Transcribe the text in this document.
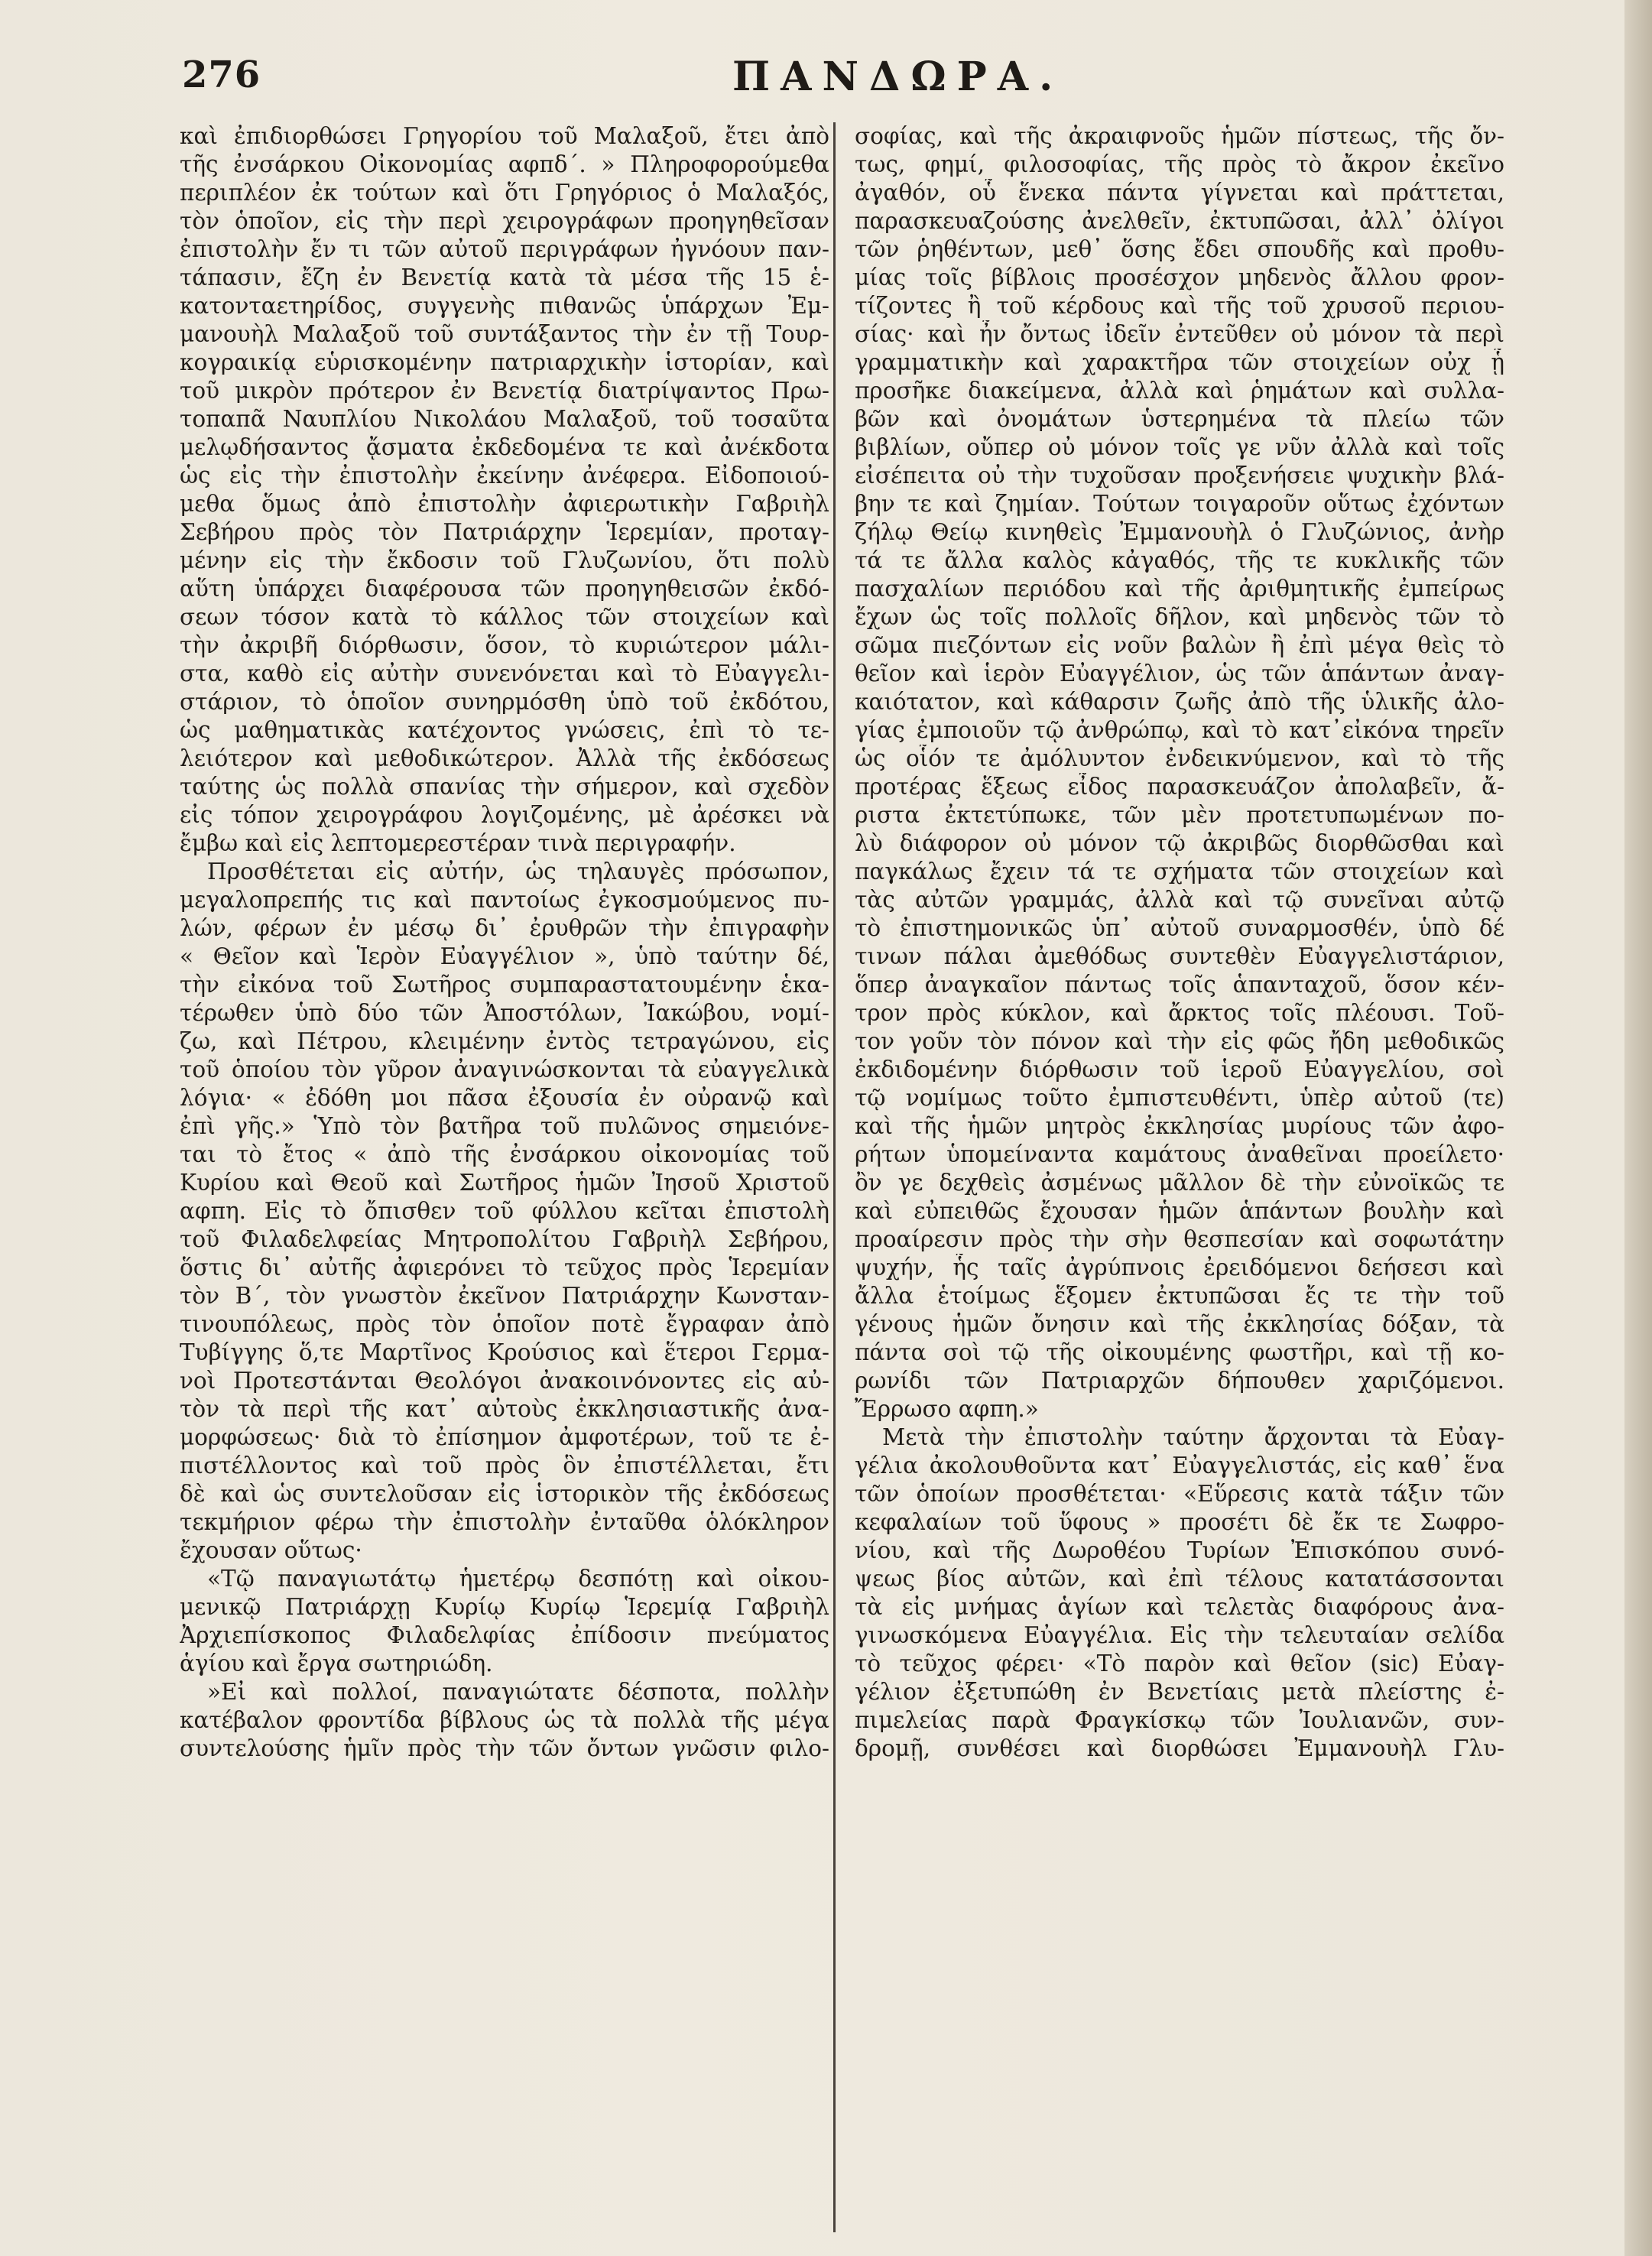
276	ΠΑΝΔΩΡΑ.
καὶ ἐπιδιορθώσει Γρηγορίου τοῦ Μαλαξοῦ, ἔτει ἀπὸ
τῆς ἐνσάρκου Οἰκονομίας αφπδ΄. » Πληροφορούμεθα
περιπλέον ἐκ τούτων καὶ ὅτι Γρηγόριος ὁ Μαλαξός,
τὸν ὁποῖον, εἰς τὴν περὶ χειρογράφων προηγηθεῖσαν
ἐπιστολὴν ἔν τι τῶν αὐτοῦ περιγράφων ἠγνόουν παν-
τάπασιν, ἔζη ἐν Βενετίᾳ κατὰ τὰ μέσα τῆς 15 ἑ-
κατονταετηρίδος, συγγενὴς πιθανῶς ὑπάρχων Ἐμ-
μανουὴλ Μαλαξοῦ τοῦ συντάξαντος τὴν ἐν τῇ Τουρ-
κογραικίᾳ εὑρισκομένην πατριαρχικὴν ἱστορίαν, καὶ
τοῦ μικρὸν πρότερον ἐν Βενετίᾳ διατρίψαντος Πρω-
τοπαπᾶ Ναυπλίου Νικολάου Μαλαξοῦ, τοῦ τοσαῦτα
μελῳδήσαντος ᾄσματα ἐκδεδομένα τε καὶ ἀνέκδοτα
ὡς εἰς τὴν ἐπιστολὴν ἐκείνην ἀνέφερα. Εἰδοποιού-
μεθα ὅμως ἀπὸ ἐπιστολὴν ἀφιερωτικὴν Γαβριὴλ
Σεβήρου πρὸς τὸν Πατριάρχην Ἱερεμίαν, προταγ-
μένην εἰς τὴν ἔκδοσιν τοῦ Γλυζωνίου, ὅτι πολὺ
αὕτη ὑπάρχει διαφέρουσα τῶν προηγηθεισῶν ἐκδό-
σεων τόσον κατὰ τὸ κάλλος τῶν στοιχείων καὶ
τὴν ἀκριβῆ διόρθωσιν, ὅσον, τὸ κυριώτερον μάλι-
στα, καθὸ εἰς αὐτὴν συνενόνεται καὶ τὸ Εὐαγγελι-
στάριον, τὸ ὁποῖον συνηρμόσθη ὑπὸ τοῦ ἐκδότου,
ὡς μαθηματικὰς κατέχοντος γνώσεις, ἐπὶ τὸ τε-
λειότερον καὶ μεθοδικώτερον. Ἀλλὰ τῆς ἐκδόσεως
ταύτης ὡς πολλὰ σπανίας τὴν σήμερον, καὶ σχεδὸν
εἰς τόπον χειρογράφου λογιζομένης, μὲ ἀρέσκει νὰ
ἔμβω καὶ εἰς λεπτομερεστέραν τινὰ περιγραφήν.
Προσθέτεται εἰς αὐτήν, ὡς τηλαυγὲς πρόσωπον,
μεγαλοπρεπής τις καὶ παντοίως ἐγκοσμούμενος πυ-
λών, φέρων ἐν μέσῳ δι᾽ ἐρυθρῶν τὴν ἐπιγραφὴν
« Θεῖον καὶ Ἱερὸν Εὐαγγέλιον », ὑπὸ ταύτην δέ,
τὴν εἰκόνα τοῦ Σωτῆρος συμπαραστατουμένην ἑκα-
τέρωθεν ὑπὸ δύο τῶν Ἀποστόλων, Ἰακώβου, νομί-
ζω, καὶ Πέτρου, κλειμένην ἐντὸς τετραγώνου, εἰς
τοῦ ὁποίου τὸν γῦρον ἀναγινώσκονται τὰ εὐαγγελικὰ
λόγια· « ἐδόθη μοι πᾶσα ἐξουσία ἐν οὐρανῷ καὶ
ἐπὶ γῆς.» Ὑπὸ τὸν βατῆρα τοῦ πυλῶνος σημειόνε-
ται τὸ ἔτος « ἀπὸ τῆς ἐνσάρκου οἰκονομίας τοῦ
Κυρίου καὶ Θεοῦ καὶ Σωτῆρος ἡμῶν Ἰησοῦ Χριστοῦ
αφπη. Εἰς τὸ ὄπισθεν τοῦ φύλλου κεῖται ἐπιστολὴ
τοῦ Φιλαδελφείας Μητροπολίτου Γαβριὴλ Σεβήρου,
ὅστις δι᾽ αὐτῆς ἀφιερόνει τὸ τεῦχος πρὸς Ἱερεμίαν
τὸν Β΄, τὸν γνωστὸν ἐκεῖνον Πατριάρχην Κωνσταν-
τινουπόλεως, πρὸς τὸν ὁποῖον ποτὲ ἔγραφαν ἀπὸ
Τυβίγγης ὅ,τε Μαρτῖνος Κρούσιος καὶ ἕτεροι Γερμα-
νοὶ Προτεστάνται Θεολόγοι ἀνακοινόνοντες εἰς αὐ-
τὸν τὰ περὶ τῆς κατ᾽ αὐτοὺς ἐκκλησιαστικῆς ἀνα-
μορφώσεως· διὰ τὸ ἐπίσημον ἀμφοτέρων, τοῦ τε ἐ-
πιστέλλοντος καὶ τοῦ πρὸς ὃν ἐπιστέλλεται, ἔτι
δὲ καὶ ὡς συντελοῦσαν εἰς ἱστορικὸν τῆς ἐκδόσεως
τεκμήριον φέρω τὴν ἐπιστολὴν ἐνταῦθα ὁλόκληρον
ἔχουσαν οὕτως·
«Τῷ παναγιωτάτῳ ἡμετέρῳ δεσπότῃ καὶ οἰκου-
μενικῷ Πατριάρχῃ Κυρίῳ Κυρίῳ Ἱερεμίᾳ Γαβριὴλ
Ἀρχιεπίσκοπος Φιλαδελφίας ἐπίδοσιν πνεύματος
ἁγίου καὶ ἔργα σωτηριώδη.
»Εἰ καὶ πολλοί, παναγιώτατε δέσποτα, πολλὴν
κατέβαλον φροντίδα βίβλους ὡς τὰ πολλὰ τῆς μέγα
συντελούσης ἡμῖν πρὸς τὴν τῶν ὄντων γνῶσιν φιλο-
σοφίας, καὶ τῆς ἀκραιφνοῦς ἡμῶν πίστεως, τῆς ὄν-
τως, φημί, φιλοσοφίας, τῆς πρὸς τὸ ἄκρον ἐκεῖνο
ἀγαθόν, οὗ ἕνεκα πάντα γίγνεται καὶ πράττεται,
παρασκευαζούσης ἀνελθεῖν, ἐκτυπῶσαι, ἀλλ᾽ ὀλίγοι
τῶν ῥηθέντων, μεθ᾽ ὅσης ἔδει σπουδῆς καὶ προθυ-
μίας τοῖς βίβλοις προσέσχον μηδενὸς ἄλλου φρον-
τίζοντες ἢ τοῦ κέρδους καὶ τῆς τοῦ χρυσοῦ περιου-
σίας· καὶ ἦν ὄντως ἰδεῖν ἐντεῦθεν οὐ μόνον τὰ περὶ
γραμματικὴν καὶ χαρακτῆρα τῶν στοιχείων οὐχ ᾗ
προσῆκε διακείμενα, ἀλλὰ καὶ ῥημάτων καὶ συλλα-
βῶν καὶ ὀνομάτων ὑστερημένα τὰ πλείω τῶν
βιβλίων, οὔπερ οὐ μόνον τοῖς γε νῦν ἀλλὰ καὶ τοῖς
εἰσέπειτα οὐ τὴν τυχοῦσαν προξενήσειε ψυχικὴν βλά-
βην τε καὶ ζημίαν. Τούτων τοιγαροῦν οὕτως ἐχόντων
ζήλῳ Θείῳ κινηθεὶς Ἐμμανουὴλ ὁ Γλυζώνιος, ἀνὴρ
τά τε ἄλλα καλὸς κἀγαθός, τῆς τε κυκλικῆς τῶν
πασχαλίων περιόδου καὶ τῆς ἀριθμητικῆς ἐμπείρως
ἔχων ὡς τοῖς πολλοῖς δῆλον, καὶ μηδενὸς τῶν τὸ
σῶμα πιεζόντων εἰς νοῦν βαλὼν ἢ ἐπὶ μέγα θεὶς τὸ
θεῖον καὶ ἱερὸν Εὐαγγέλιον, ὡς τῶν ἁπάντων ἀναγ-
καιότατον, καὶ κάθαρσιν ζωῆς ἀπὸ τῆς ὑλικῆς ἀλο-
γίας ἐμποιοῦν τῷ ἀνθρώπῳ, καὶ τὸ κατ᾽εἰκόνα τηρεῖν
ὡς οἷόν τε ἀμόλυντον ἐνδεικνύμενον, καὶ τὸ τῆς
προτέρας ἕξεως εἶδος παρασκευάζον ἀπολαβεῖν, ἄ-
ριστα ἐκτετύπωκε, τῶν μὲν προτετυπωμένων πο-
λὺ διάφορον οὐ μόνον τῷ ἀκριβῶς διορθῶσθαι καὶ
παγκάλως ἔχειν τά τε σχήματα τῶν στοιχείων καὶ
τὰς αὐτῶν γραμμάς, ἀλλὰ καὶ τῷ συνεῖναι αὐτῷ
τὸ ἐπιστημονικῶς ὑπ᾽ αὐτοῦ συναρμοσθέν, ὑπὸ δέ
τινων πάλαι ἀμεθόδως συντεθὲν Εὐαγγελιστάριον,
ὅπερ ἀναγκαῖον πάντως τοῖς ἁπανταχοῦ, ὅσον κέν-
τρον πρὸς κύκλον, καὶ ἄρκτος τοῖς πλέουσι. Τοῦ-
τον γοῦν τὸν πόνον καὶ τὴν εἰς φῶς ἤδη μεθοδικῶς
ἐκδιδομένην διόρθωσιν τοῦ ἱεροῦ Εὐαγγελίου, σοὶ
τῷ νομίμως τοῦτο ἐμπιστευθέντι, ὑπὲρ αὐτοῦ (τε)
καὶ τῆς ἡμῶν μητρὸς ἐκκλησίας μυρίους τῶν ἀφο-
ρήτων ὑπομείναντα καμάτους ἀναθεῖναι προείλετο·
ὂν γε δεχθεὶς ἀσμένως μᾶλλον δὲ τὴν εὐνοϊκῶς τε
καὶ εὐπειθῶς ἔχουσαν ἡμῶν ἁπάντων βουλὴν καὶ
προαίρεσιν πρὸς τὴν σὴν θεσπεσίαν καὶ σοφωτάτην
ψυχήν, ἧς ταῖς ἀγρύπνοις ἐρειδόμενοι δεήσεσι καὶ
ἄλλα ἑτοίμως ἕξομεν ἐκτυπῶσαι ἔς τε τὴν τοῦ
γένους ἡμῶν ὄνησιν καὶ τῆς ἐκκλησίας δόξαν, τὰ
πάντα σοὶ τῷ τῆς οἰκουμένης φωστῆρι, καὶ τῇ κο-
ρωνίδι τῶν Πατριαρχῶν δήπουθεν χαριζόμενοι.
Ἔρρωσο αφπη.»
Μετὰ τὴν ἐπιστολὴν ταύτην ἄρχονται τὰ Εὐαγ-
γέλια ἀκολουθοῦντα κατ᾽ Εὐαγγελιστάς, εἰς καθ᾽ ἕνα
τῶν ὁποίων προσθέτεται· «Εὕρεσις κατὰ τάξιν τῶν
κεφαλαίων τοῦ ὕφους » προσέτι δὲ ἔκ τε Σωφρο-
νίου, καὶ τῆς Δωροθέου Τυρίων Ἐπισκόπου συνό-
ψεως βίος αὐτῶν, καὶ ἐπὶ τέλους κατατάσσονται
τὰ εἰς μνήμας ἁγίων καὶ τελετὰς διαφόρους ἀνα-
γινωσκόμενα Εὐαγγέλια. Εἰς τὴν τελευταίαν σελίδα
τὸ τεῦχος φέρει· «Τὸ παρὸν καὶ θεῖον (sic) Εὐαγ-
γέλιον ἐξετυπώθη ἐν Βενετίαις μετὰ πλείστης ἐ-
πιμελείας παρὰ Φραγκίσκῳ τῶν Ἰουλιανῶν, συν-
δρομῇ, συνθέσει καὶ διορθώσει Ἐμμανουὴλ Γλυ-
